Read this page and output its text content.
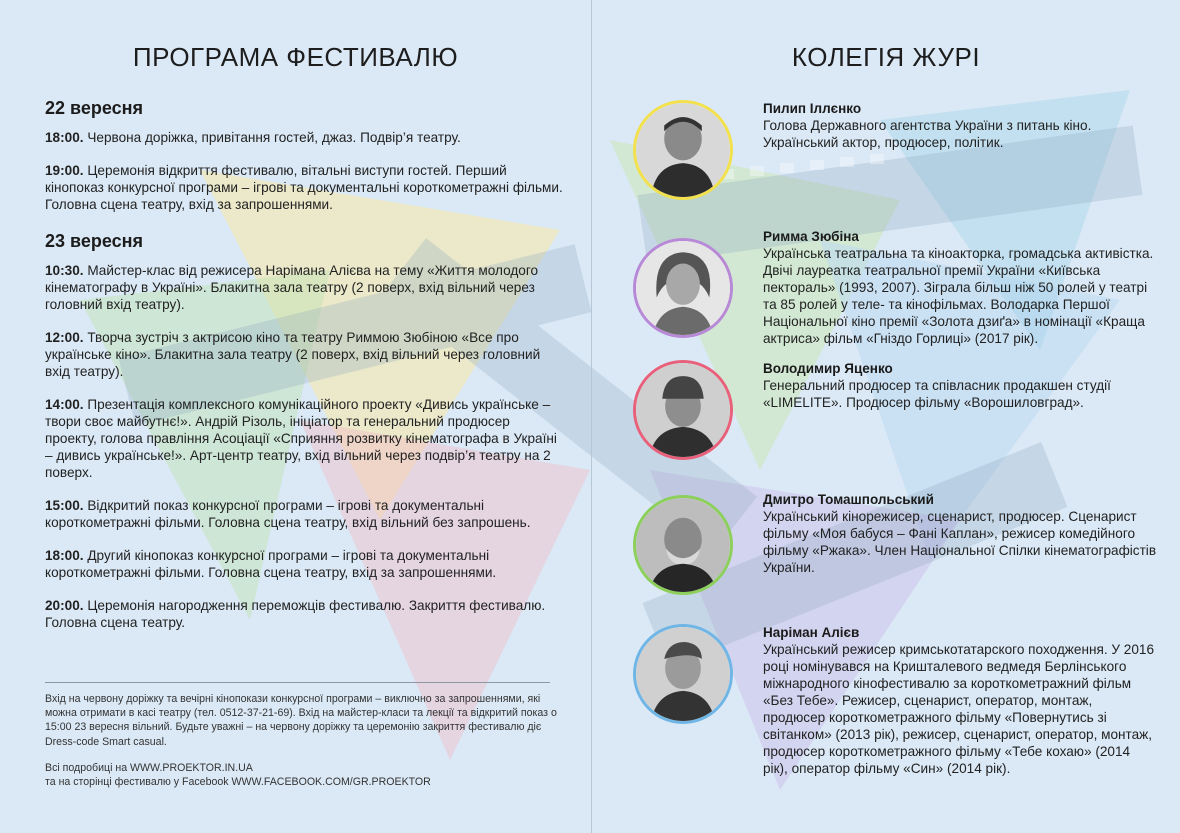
ПРОГРАМА ФЕСТИВАЛЮ
22 вересня

18:00. Червона доріжка, привітання гостей, джаз. Подвір’я театру.

19:00. Церемонія відкриття фестивалю, вітальні виступи гостей. Перший кінопоказ конкурсної програми – ігрові та документальні короткометражні фільми. Головна сцена театру, вхід за запрошеннями.

23 вересня

10:30. Майстер-клас від режисера Нарімана Алієва на тему «Життя молодого кінематографу в Україні». Блакитна зала театру (2 поверх, вхід вільний через головний вхід театру).

12:00. Творча зустріч з актрисою кіно та театру Риммою Зюбіною «Все про українське кіно». Блакитна зала театру (2 поверх, вхід вільний через головний вхід театру).

14:00. Презентація комплексного комунікаційного проекту «Дивись українське – твори своє майбутнє!». Андрій Різоль, ініціатор та генеральний продюсер проекту, голова правління Асоціації «Сприяння розвитку кінематографа в Україні – дивись українське!». Арт-центр театру, вхід вільний через подвір’я театру на 2 поверх.

15:00. Відкритий показ конкурсної програми – ігрові та документальні короткометражні фільми. Головна сцена театру, вхід вільний без запрошень.

18:00. Другий кінопоказ конкурсної програми – ігрові та документальні короткометражні фільми. Головна сцена театру, вхід за запрошеннями.

20:00. Церемонія нагородження переможців фестивалю. Закриття фестивалю. Головна сцена театру.

Вхід на червону доріжку та вечірні кінопокази конкурсної програми – виключно за запрошеннями, які можна отримати в касі театру (тел. 0512-37-21-69). Вхід на майстер-класи та лекції та відкритий показ о 15:00 23 вересня вільний. Будьте уважні – на червону доріжку та церемонію закриття фестивалю діє Dress-code Smart casual.
Всі подробиці на WWW.PROEKTOR.IN.UA
та на сторінці фестивалю у Facebook WWW.FACEBOOK.COM/GR.PROEKTOR
КОЛЕГІЯ ЖУРІ
Пилип Іллєнко
Голова Державного агентства України з питань кіно. Український актор, продюсер, політик.
Римма Зюбіна
Українська театральна та кіноакторка, громадська активістка. Двічі лауреатка театральної премії України «Київська пектораль» (1993, 2007). Зіграла більш ніж 50 ролей у театрі та 85 ролей у теле- та кінофільмах. Володарка Першої Національної кіно премії «Золота дзиґа» в номінації «Краща актриса» фільм «Гніздо Горлиці» (2017 рік).
Володимир Яценко
Генеральний продюсер та співласник продакшен студії «LIMELITE». Продюсер фільму «Ворошиловград».
Дмитро Томашпольський
Український кінорежисер, сценарист, продюсер. Сценарист фільму «Моя бабуся – Фані Каплан», режисер комедійного фільму «Ржака». Член Національної Спілки кінематографістів України.
Наріман Алієв
Український режисер кримськотатарского походження. У 2016 році номінувався на Кришталевого ведмедя Берлінського міжнародного кінофестивалю за короткометражний фільм «Без Тебе». Режисер, сценарист, оператор, монтаж, продюсер короткометражного фільму «Повернутись зі світанком» (2013 рік), режисер, сценарист, оператор, монтаж, продюсер короткометражного фільму «Тебе кохаю» (2014 рік), оператор фільму «Син» (2014 рік).
